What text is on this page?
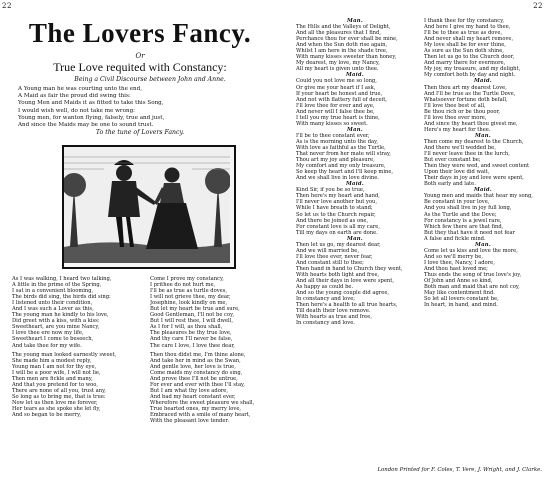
22	22
The Lovers Fancy.
Or
True Love requited with Constancy:
Being a Civil Discourse between John and Anne.
A Young man he was courting unto the end,
A Maid as fair the proud did swing this:
Young Men and Maids it as fitted to take this Song,
I would wish well, do not take me wrong:
Young men, for wanton flying, falsely, true and just,
And since the Maids may be one to sound trust.
To the tune of Lovers Fancy.
As I was walking, I heard two talking,
A little in the prime of the Spring,
I sat in a convenient blooming,
The birds did sing, the birds did sing:
I listened unto their condition,
And I was such a Lover as this,
The young man he kindly to his love,
Did greet with a kiss, with a kiss:
Sweetheart, are you mine Nancy,
I love thee ere now my life,
Sweetheart I come to beseech,
And take thee for my wife.
The young man looked earnestly sweet,
She made him a modest reply,
Young man I am not for thy eye,
I will be a poor wife, I will not lie,
Then men are fickle and many,
And that you pretend for to woo,
There are none of all you, trust any,
So long as to bring me, that is true:
Now let us then love me forever,
Her tears as she spoke she let fly,
And so began to be merry,
Come I prove my constancy,
I prithee do not hurt me,
I'll be as true as turtle doves,
I will not grieve thee, my dear,
Josephine, look kindly on me,
But let my heart be true and sure,
Good Gentleman, I'll not be coy,
But I will rest thee, I will dwell,
As I for I will, as thou shall,
The pleasures be thy true love,
And thy care I'll never be false,
The care I love, I love thee dear,
Then thou didst me, I'm thine alone,
And take her in mind as the Swan,
And gentle love, her love is true,
Come maids my constancy do sing,
And prove thee I'll not be untrue,
For ever and ever with thee I'll stay,
But I am what thy love adore,
And bad my heart constant ever,
Wherefore the sweet pleasure we shall,
True hearted ones, my merry love,
Embraced with a smile of many heart,
With the pleasant love tender.
Man.
The Hills and the Valleys of Delight,
And all the pleasures that I find,
Perchance thou for ever shall be mine,
And when the Sun doth rise again,
Whilst I am here in the shade tree,
With many kisses sweeter than honey,
My dearest, my love, my Nancy,
All my heart is given unto thee.
Maid.
Could you not love me so long,
Or give me your heart if I ask,
If your heart be honest and true,
And not with flattery full of deceit,
I'll love thee for ever and aye,
And never will I false thee be,
I tell you my true heart is thine,
With many kisses so sweet.
Man.
I'll be to thee constant ever,
As is the morning unto the day,
With love as faithful as the Turtle,
That never from her mate will stray,
Thou art my joy and pleasure,
My comfort and my only treasure,
So keep thy heart and I'll keep mine,
And we shall live in love divine.
Maid.
Kind Sir, if you be so true,
Then here's my heart and hand,
I'll never love another but you,
While I have breath to stand;
So let us to the Church repair,
And there be joined as one,
For constant love is all my care,
Till my days on earth are done.
Man.
Then let us go, my dearest dear,
And we will married be,
I'll love thee ever, never fear,
And constant still to thee;
Then hand in hand to Church they went,
With hearts both light and free,
And all their days in love were spent,
As happy as could be.
And so the young couple did agree,
In constancy and love;
Then here's a health to all true hearts,
Till death their love remove.
With hearts as true and free,
In constancy and love.
I thank thee for thy constancy,
And here I give my hand to thee,
I'll be to thee as true as dove,
And never shall my heart remove,
My love shall be for ever thine,
As sure as the Sun doth shine,
Then let us go to the Church door,
And marry there for evermore,
My joy, my treasure, and my delight,
My comfort both by day and night.
Maid.
Then thou art my dearest Love,
And I'll be true as the Turtle Dove,
Whatsoever fortune doth befall,
I'll love thee best of all,
Be thou rich or be thou poor,
I'll love thee ever more,
And since thy heart thou givest me,
Here's my heart for thee.
Man.
Then come my dearest to the Church,
And there we'll wedded be,
I'll never leave thee in the lurch,
But ever constant be;
Then they were wed, and sweet content
Upon their love did wait,
Their days in joy and love were spent,
Both early and late.
Maid.
Young men and maids that hear my song,
Be constant in your love,
And you shall live in joy full long,
As the Turtle and the Dove;
For constancy is a jewel rare,
Which few there are that find,
But they that have it need not fear
A false and fickle mind.
Man.
Come let us kiss and love the more,
And so we'll merry be,
I love thee, Nancy, I adore,
And thou hast loved me;
Thus ends the song of true love's joy,
Of John and Anne so kind,
Both man and maid that are not coy,
May like contentment find.
So let all lovers constant be,
In heart, in hand, and mind.
London Printed for F. Coles, T. Vere, J. Wright, and J. Clarke.
